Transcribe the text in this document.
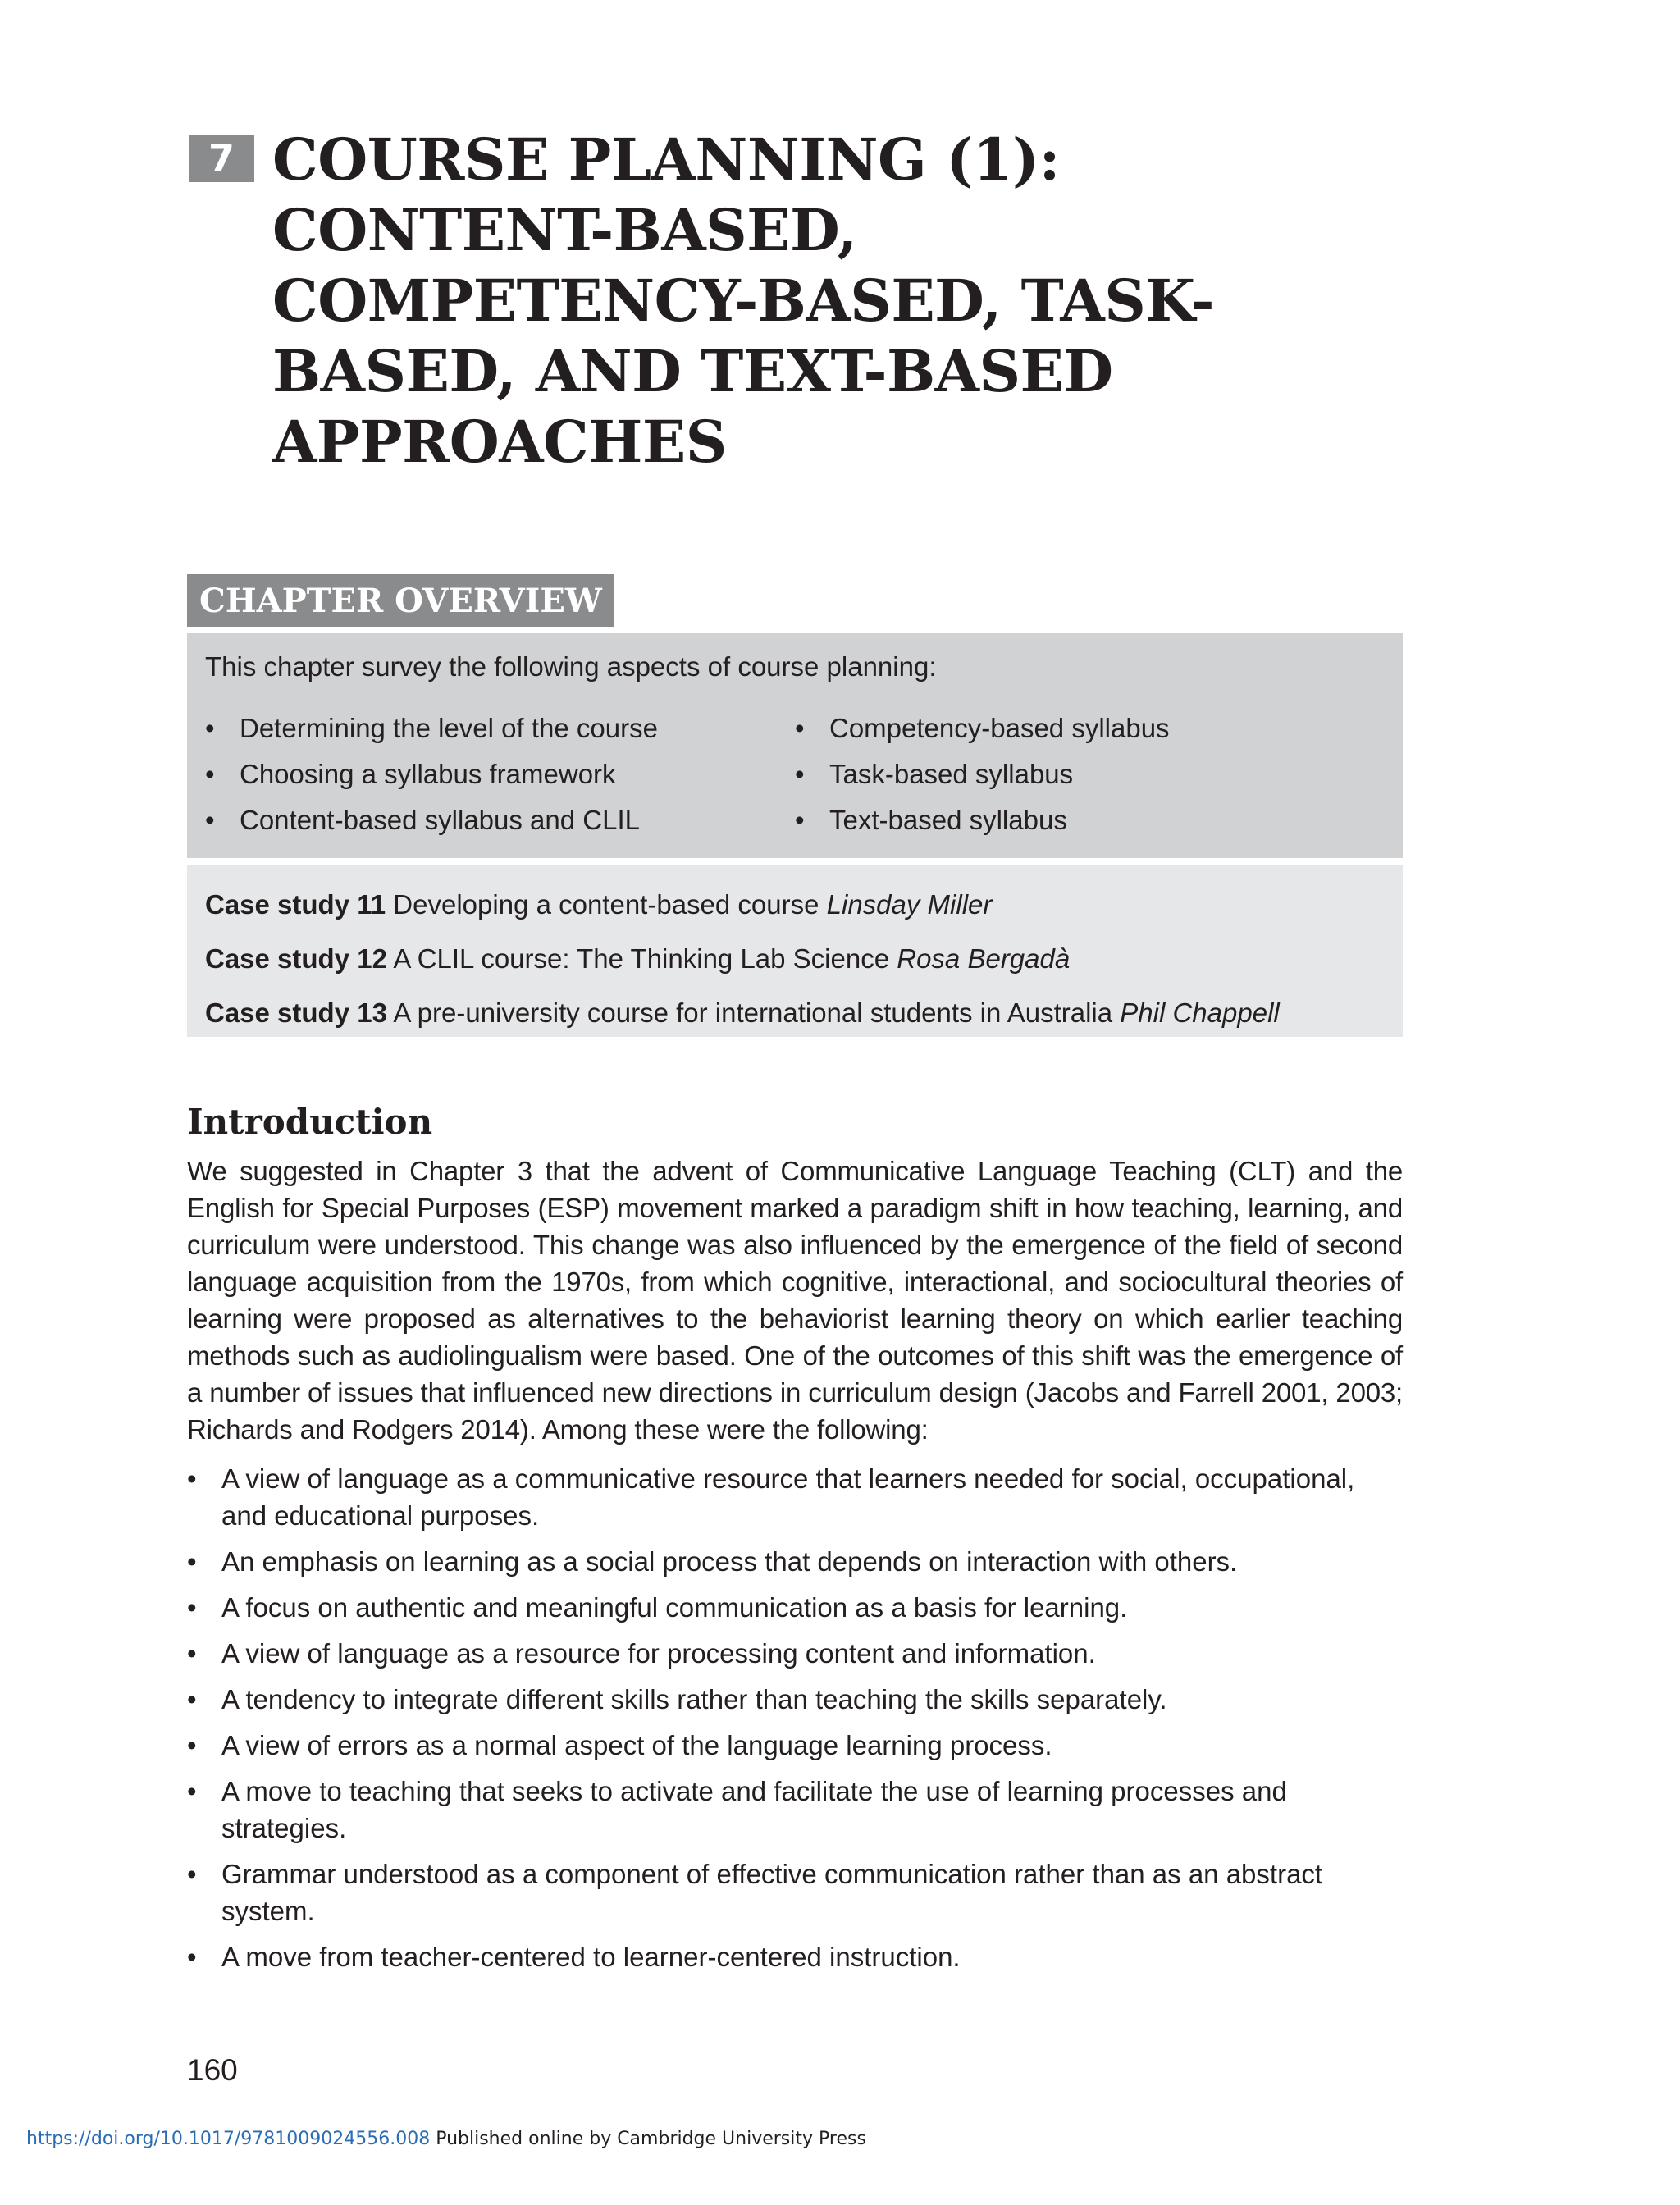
7 COURSE PLANNING (1): CONTENT-BASED, COMPETENCY-BASED, TASK-BASED, AND TEXT-BASED APPROACHES
CHAPTER OVERVIEW

This chapter survey the following aspects of course planning:

• Determining the level of the course
• Choosing a syllabus framework
• Content-based syllabus and CLIL
• Competency-based syllabus
• Task-based syllabus
• Text-based syllabus

Case study 11 Developing a content-based course Linsday Miller

Case study 12 A CLIL course: The Thinking Lab Science Rosa Bergadà

Case study 13 A pre-university course for international students in Australia Phil Chappell

Introduction

We suggested in Chapter 3 that the advent of Communicative Language Teaching (CLT) and the English for Special Purposes (ESP) movement marked a paradigm shift in how teaching, learning, and curriculum were understood. This change was also influenced by the emergence of the field of second language acquisition from the 1970s, from which cognitive, interactional, and sociocultural theories of learning were proposed as alternatives to the behaviorist learning theory on which earlier teaching methods such as audiolingualism were based. One of the outcomes of this shift was the emergence of a number of issues that influenced new directions in curriculum design (Jacobs and Farrell 2001, 2003; Richards and Rodgers 2014). Among these were the following:

• A view of language as a communicative resource that learners needed for social, occupational, and educational purposes.
• An emphasis on learning as a social process that depends on interaction with others.
• A focus on authentic and meaningful communication as a basis for learning.
• A view of language as a resource for processing content and information.
• A tendency to integrate different skills rather than teaching the skills separately.
• A view of errors as a normal aspect of the language learning process.
• A move to teaching that seeks to activate and facilitate the use of learning processes and strategies.
• Grammar understood as a component of effective communication rather than as an abstract system.
• A move from teacher-centered to learner-centered instruction.
160
https://doi.org/10.1017/9781009024556.008 Published online by Cambridge University Press
